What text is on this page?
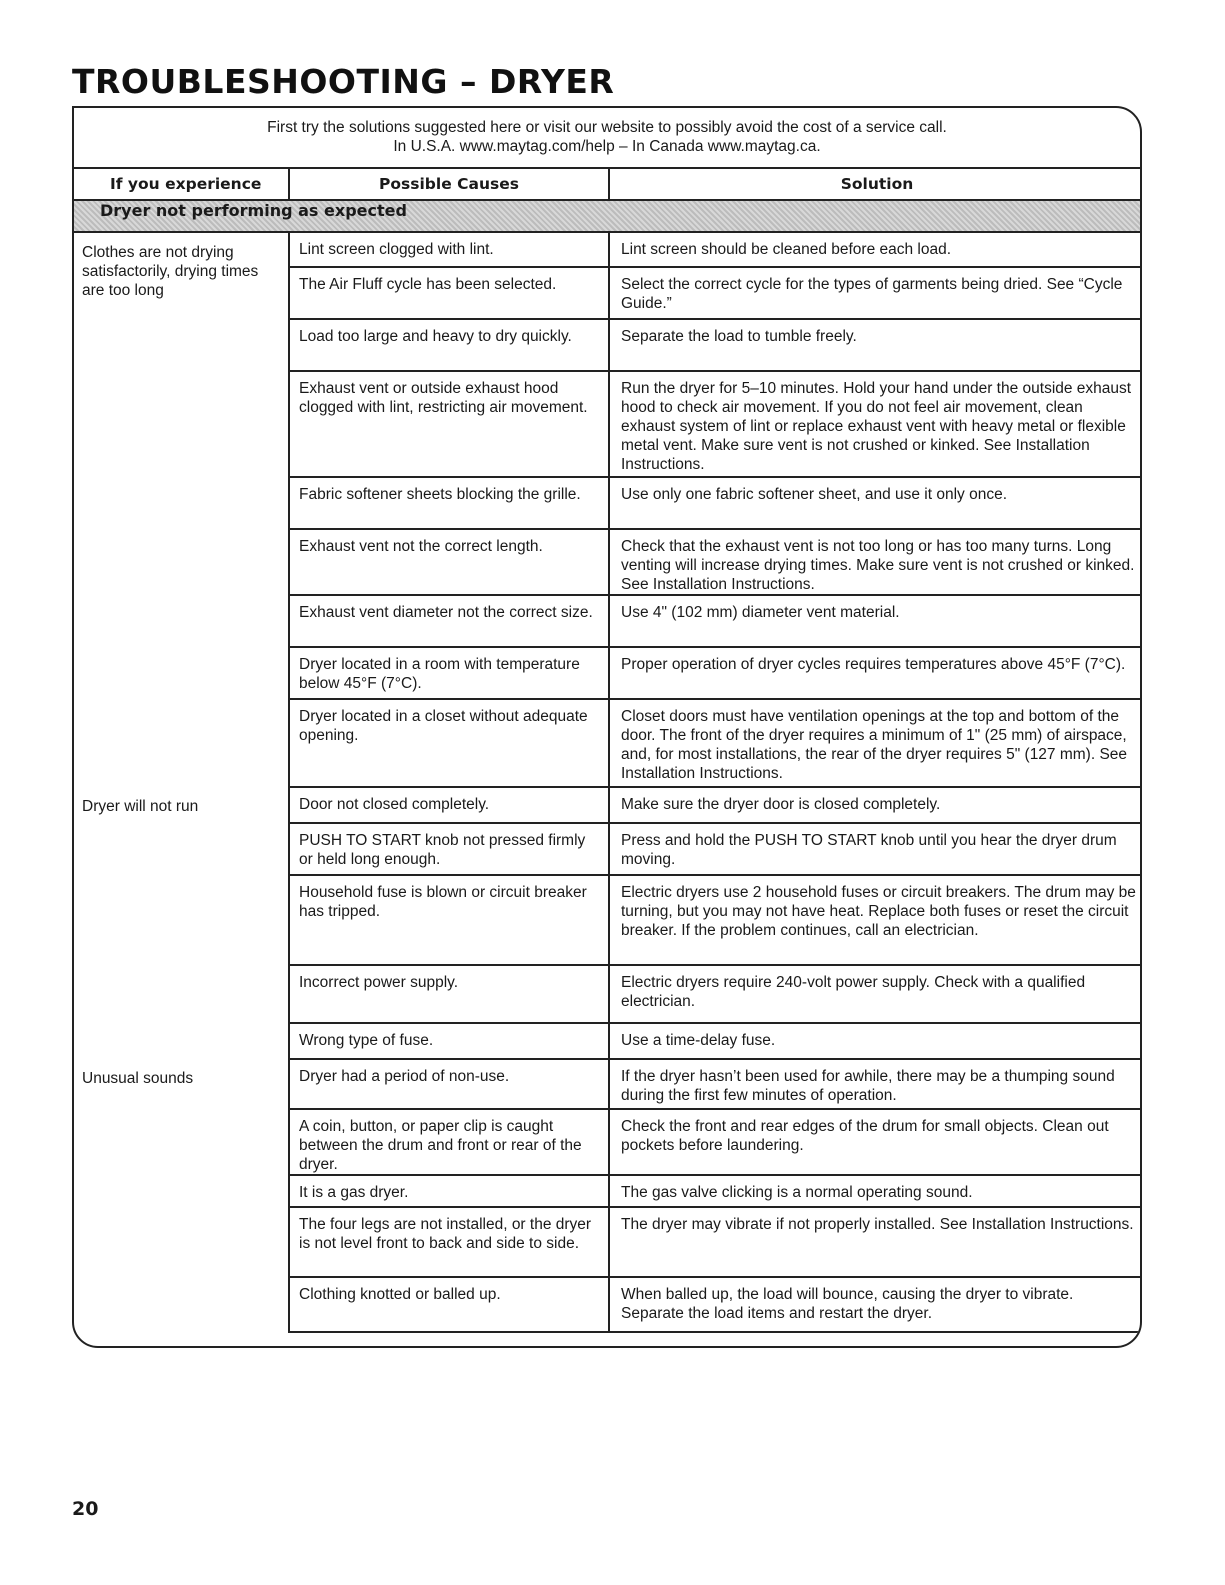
TROUBLESHOOTING – DRYER
First try the solutions suggested here or visit our website to possibly avoid the cost of a service call.
In U.S.A. www.maytag.com/help – In Canada www.maytag.ca.
If you experience	Possible Causes	Solution
Dryer not performing as expected		
Clothes are not drying satisfactorily, drying times are too long	Lint screen clogged with lint.	Lint screen should be cleaned before each load.
	The Air Fluff cycle has been selected.	Select the correct cycle for the types of garments being dried. See “Cycle Guide.”
	Load too large and heavy to dry quickly.	Separate the load to tumble freely.
	Exhaust vent or outside exhaust hood clogged with lint, restricting air movement.	Run the dryer for 5–10 minutes. Hold your hand under the outside exhaust hood to check air movement. If you do not feel air movement, clean exhaust system of lint or replace exhaust vent with heavy metal or flexible metal vent. Make sure vent is not crushed or kinked. See Installation Instructions.
	Fabric softener sheets blocking the grille.	Use only one fabric softener sheet, and use it only once.
	Exhaust vent not the correct length.	Check that the exhaust vent is not too long or has too many turns. Long venting will increase drying times. Make sure vent is not crushed or kinked. See Installation Instructions.
	Exhaust vent diameter not the correct size.	Use 4" (102 mm) diameter vent material.
	Dryer located in a room with temperature below 45°F (7°C).	Proper operation of dryer cycles requires temperatures above 45°F (7°C).
	Dryer located in a closet without adequate opening.	Closet doors must have ventilation openings at the top and bottom of the door. The front of the dryer requires a minimum of 1" (25 mm) of airspace, and, for most installations, the rear of the dryer requires 5" (127 mm). See Installation Instructions.
Dryer will not run	Door not closed completely.	Make sure the dryer door is closed completely.
	PUSH TO START knob not pressed firmly or held long enough.	Press and hold the PUSH TO START knob until you hear the dryer drum moving.
	Household fuse is blown or circuit breaker has tripped.	Electric dryers use 2 household fuses or circuit breakers. The drum may be turning, but you may not have heat. Replace both fuses or reset the circuit breaker. If the problem continues, call an electrician.
	Incorrect power supply.	Electric dryers require 240-volt power supply. Check with a qualified electrician.
	Wrong type of fuse.	Use a time-delay fuse.
Unusual sounds	Dryer had a period of non-use.	If the dryer hasn’t been used for awhile, there may be a thumping sound during the first few minutes of operation.
	A coin, button, or paper clip is caught between the drum and front or rear of the dryer.	Check the front and rear edges of the drum for small objects. Clean out pockets before laundering.
	It is a gas dryer.	The gas valve clicking is a normal operating sound.
	The four legs are not installed, or the dryer is not level front to back and side to side.	The dryer may vibrate if not properly installed. See Installation Instructions.
	Clothing knotted or balled up.	When balled up, the load will bounce, causing the dryer to vibrate. Separate the load items and restart the dryer.
20
